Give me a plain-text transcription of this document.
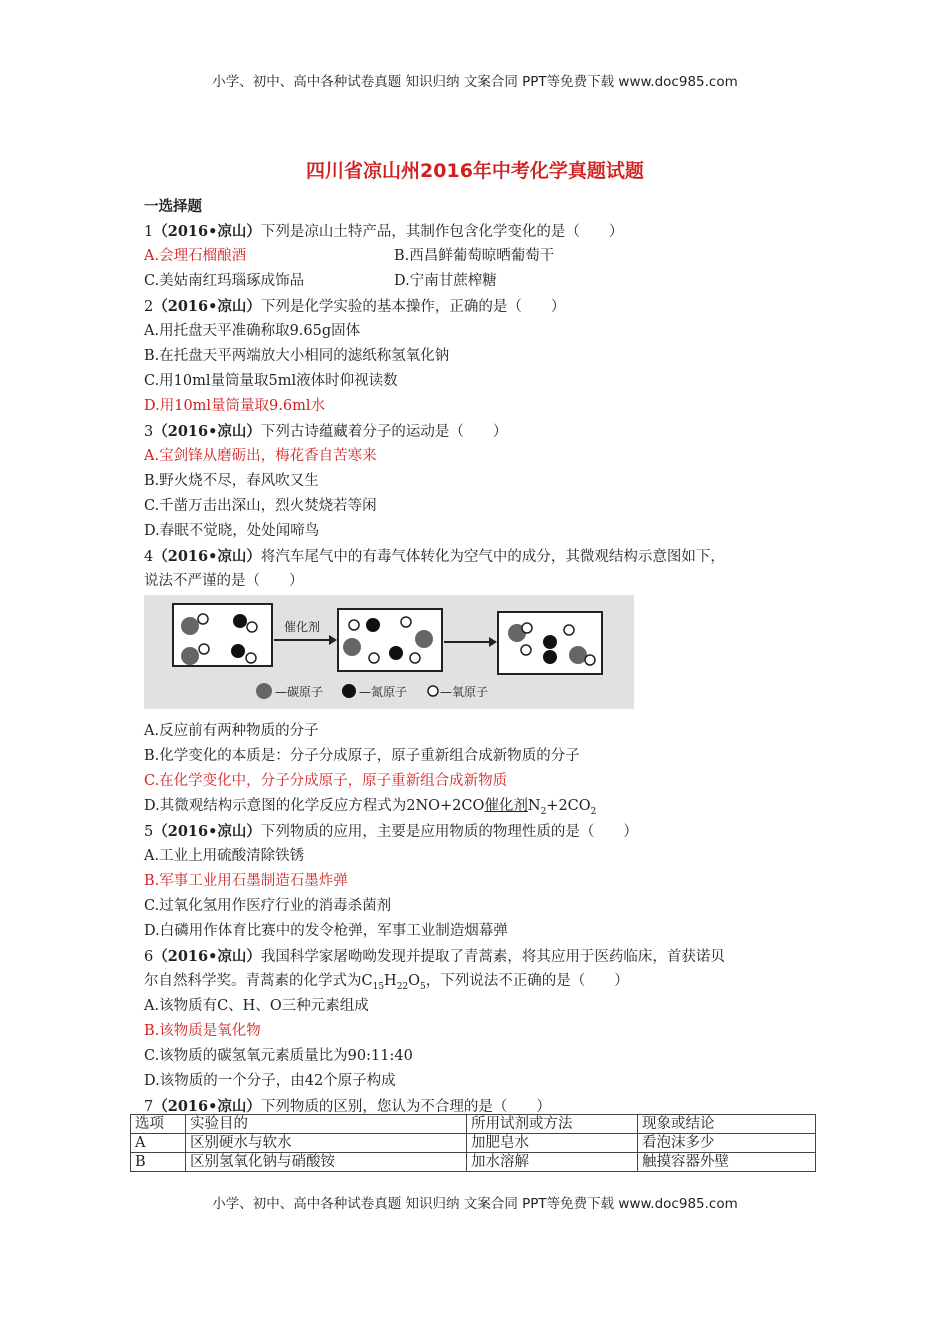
小学、初中、高中各种试卷真题 知识归纳 文案合同 PPT等免费下载 www.doc985.com
四川省凉山州2016年中考化学真题试题
一选择题
1（2016•凉山）下列是凉山土特产品，其制作包含化学变化的是（　　）
A.会理石榴酿酒	B.西昌鲜葡萄晾晒葡萄干
C.美姑南红玛瑙琢成饰品	D.宁南甘蔗榨糖
2（2016•凉山）下列是化学实验的基本操作，正确的是（　　）
A.用托盘天平准确称取9.65g固体
B.在托盘天平两端放大小相同的滤纸称氢氧化钠
C.用10ml量筒量取5ml液体时仰视读数
D.用10ml量筒量取9.6ml水
3（2016•凉山）下列古诗蕴藏着分子的运动是（　　）
A.宝剑锋从磨砺出，梅花香自苦寒来
B.野火烧不尽，春风吹又生
C.千凿万击出深山，烈火焚烧若等闲
D.春眠不觉晓，处处闻啼鸟
4（2016•凉山）将汽车尾气中的有毒气体转化为空气中的成分，其微观结构示意图如下，
说法不严谨的是（　　）
催化剂
—碳原子	—氮原子	—氧原子
A.反应前有两种物质的分子
B.化学变化的本质是：分子分成原子，原子重新组合成新物质的分子
C.在化学变化中，分子分成原子，原子重新组合成新物质
D.其微观结构示意图的化学反应方程式为2NO+2CO催化剂$N_2+2CO_2$
5（2016•凉山）下列物质的应用，主要是应用物质的物理性质的是（　　）
A.工业上用硫酸清除铁锈
B.军事工业用石墨制造石墨炸弹
C.过氧化氢用作医疗行业的消毒杀菌剂
D.白磷用作体育比赛中的发令枪弹，军事工业制造烟幕弹
6（2016•凉山）我国科学家屠呦呦发现并提取了青蒿素，将其应用于医药临床，首获诺贝
尔自然科学奖。青蒿素的化学式为$C_{15}H_{22}O_5$，下列说法不正确的是（　　）
A.该物质有C、H、O三种元素组成
B.该物质是氧化物
C.该物质的碳氢氧元素质量比为90:11:40
D.该物质的一个分子，由42个原子构成
7（2016•凉山）下列物质的区别，您认为不合理的是（　　）
选项	实验目的	所用试剂或方法	现象或结论
A	区别硬水与软水	加肥皂水	看泡沫多少
B	区别氢氧化钠与硝酸铵	加水溶解	触摸容器外壁
小学、初中、高中各种试卷真题 知识归纳 文案合同 PPT等免费下载 www.doc985.com
